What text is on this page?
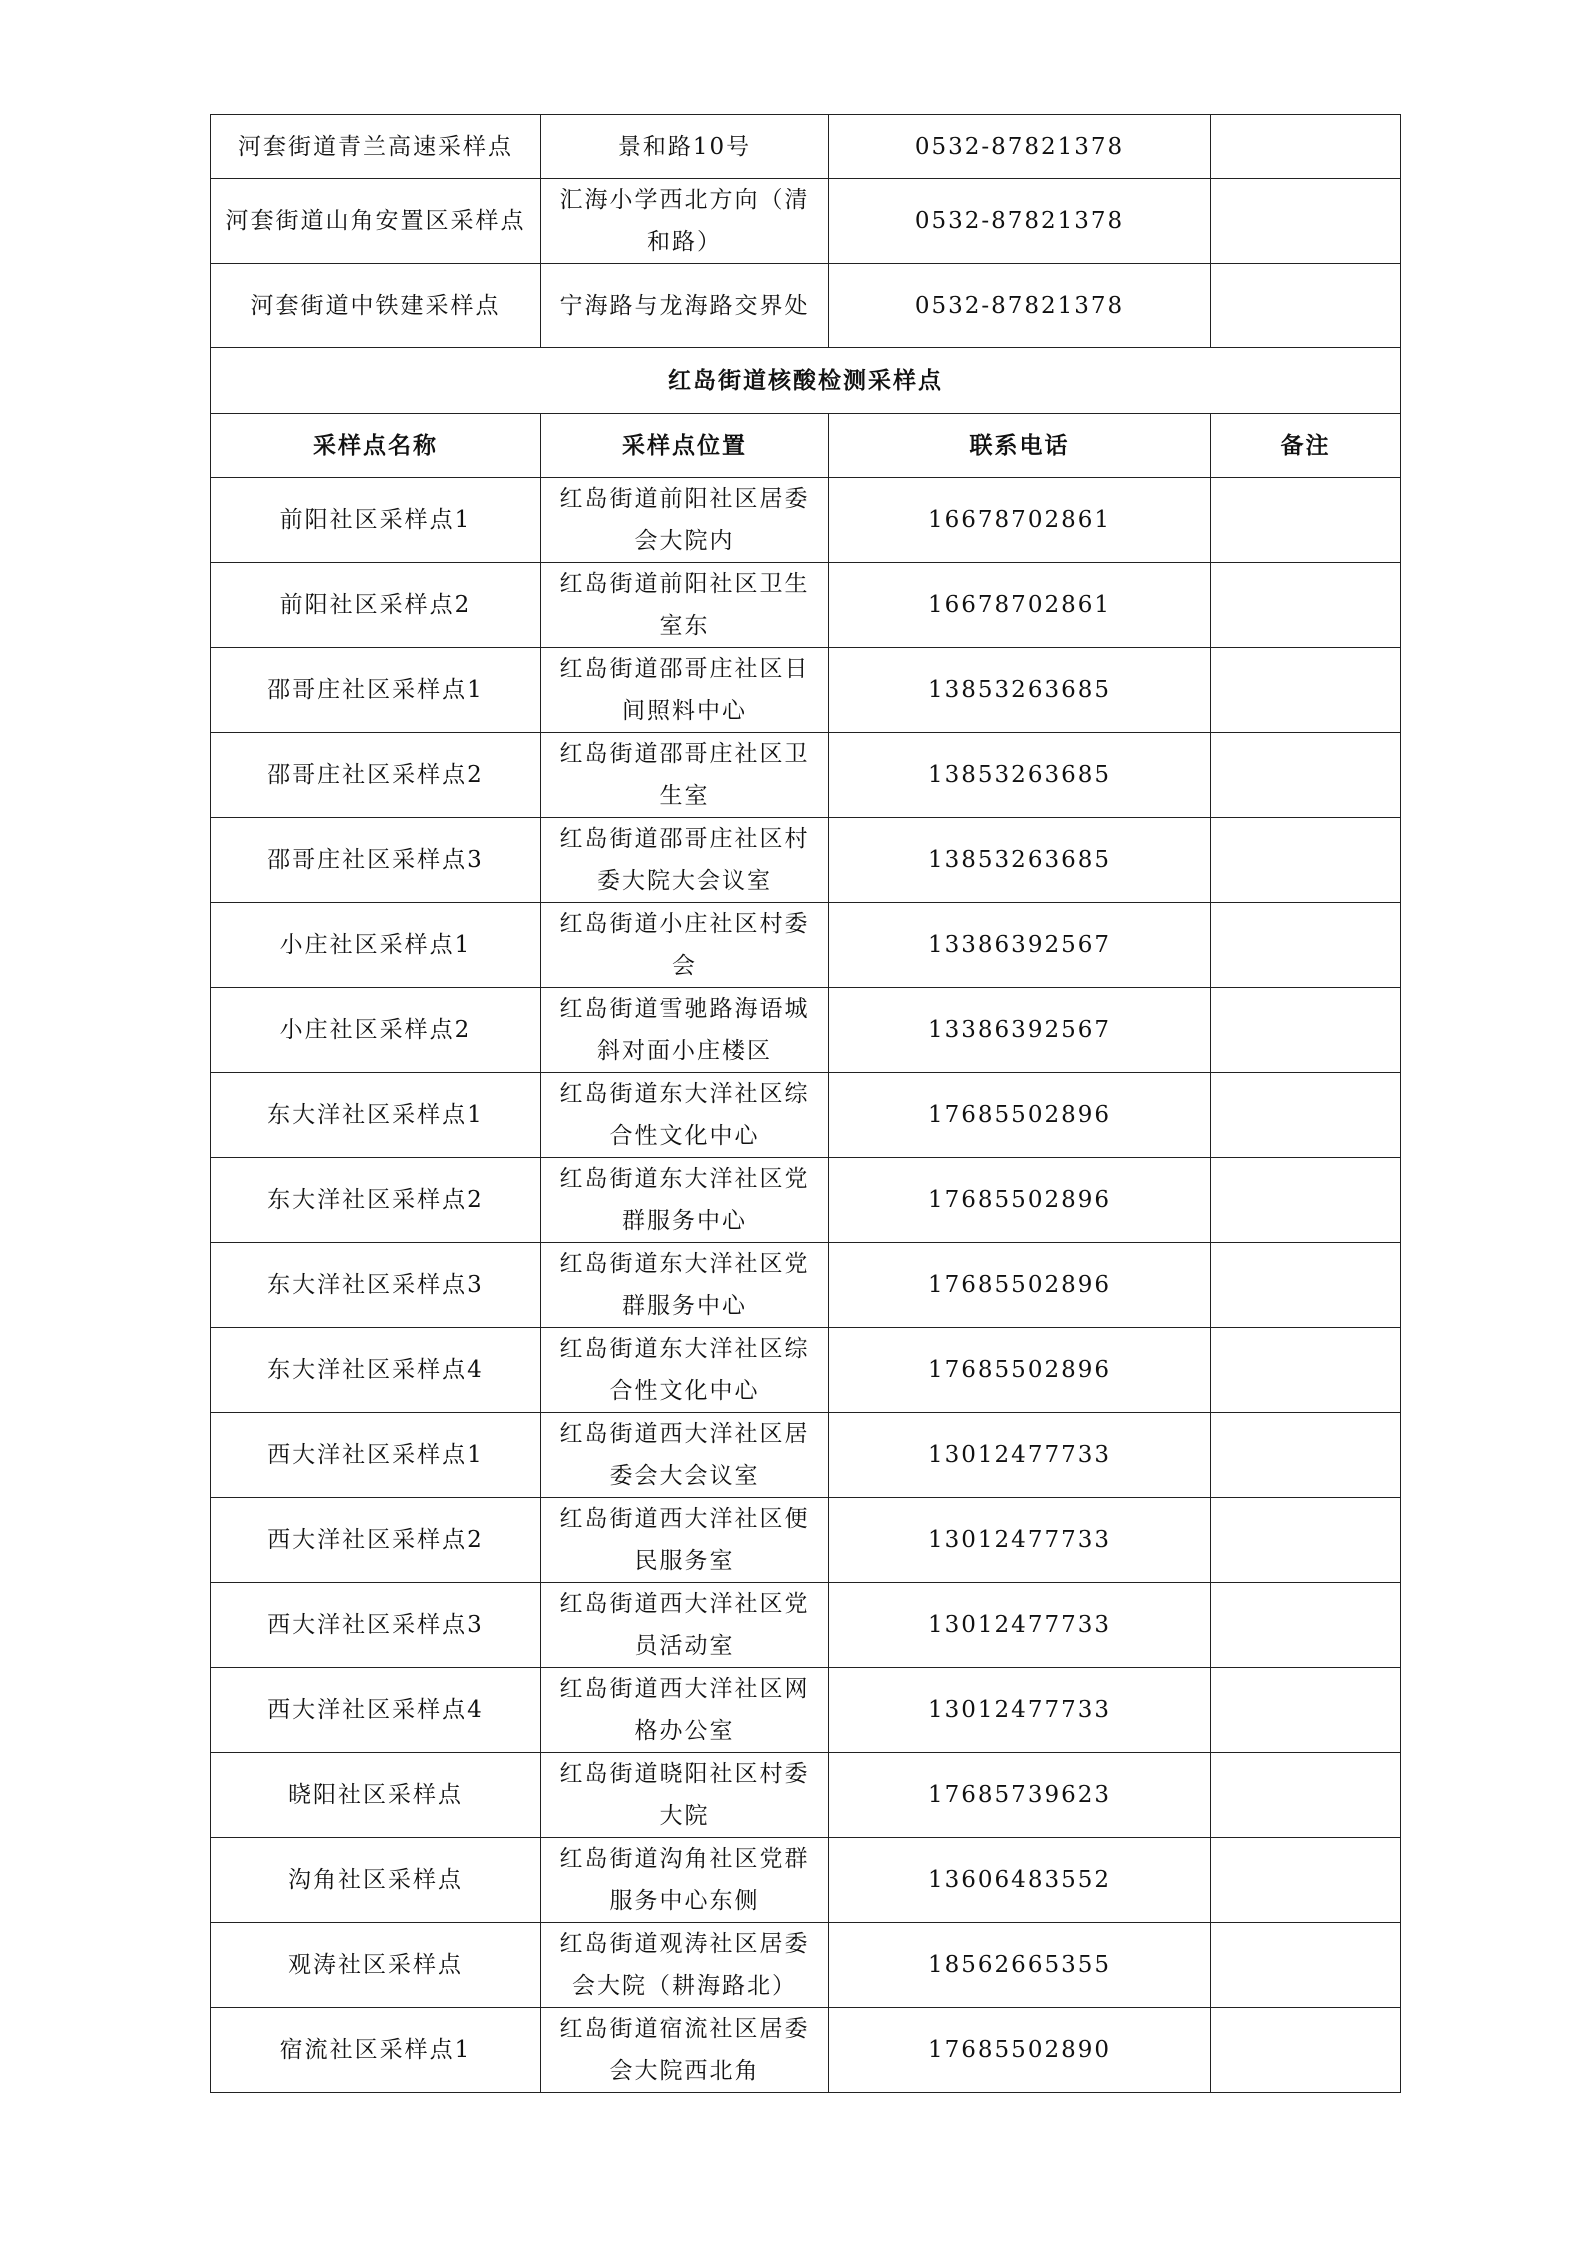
河套街道青兰高速采样点	景和路10号	0532-87821378	
河套街道山角安置区采样点	汇海小学西北方向（清和路）	0532-87821378	
河套街道中铁建采样点	宁海路与龙海路交界处	0532-87821378	
红岛街道核酸检测采样点			
采样点名称	采样点位置	联系电话	备注
前阳社区采样点1	红岛街道前阳社区居委会大院内	16678702861	
前阳社区采样点2	红岛街道前阳社区卫生室东	16678702861	
邵哥庄社区采样点1	红岛街道邵哥庄社区日间照料中心	13853263685	
邵哥庄社区采样点2	红岛街道邵哥庄社区卫生室	13853263685	
邵哥庄社区采样点3	红岛街道邵哥庄社区村委大院大会议室	13853263685	
小庄社区采样点1	红岛街道小庄社区村委会	13386392567	
小庄社区采样点2	红岛街道雪驰路海语城斜对面小庄楼区	13386392567	
东大洋社区采样点1	红岛街道东大洋社区综合性文化中心	17685502896	
东大洋社区采样点2	红岛街道东大洋社区党群服务中心	17685502896	
东大洋社区采样点3	红岛街道东大洋社区党群服务中心	17685502896	
东大洋社区采样点4	红岛街道东大洋社区综合性文化中心	17685502896	
西大洋社区采样点1	红岛街道西大洋社区居委会大会议室	13012477733	
西大洋社区采样点2	红岛街道西大洋社区便民服务室	13012477733	
西大洋社区采样点3	红岛街道西大洋社区党员活动室	13012477733	
西大洋社区采样点4	红岛街道西大洋社区网格办公室	13012477733	
晓阳社区采样点	红岛街道晓阳社区村委大院	17685739623	
沟角社区采样点	红岛街道沟角社区党群服务中心东侧	13606483552	
观涛社区采样点	红岛街道观涛社区居委会大院（耕海路北）	18562665355	
宿流社区采样点1	红岛街道宿流社区居委会大院西北角	17685502890	
